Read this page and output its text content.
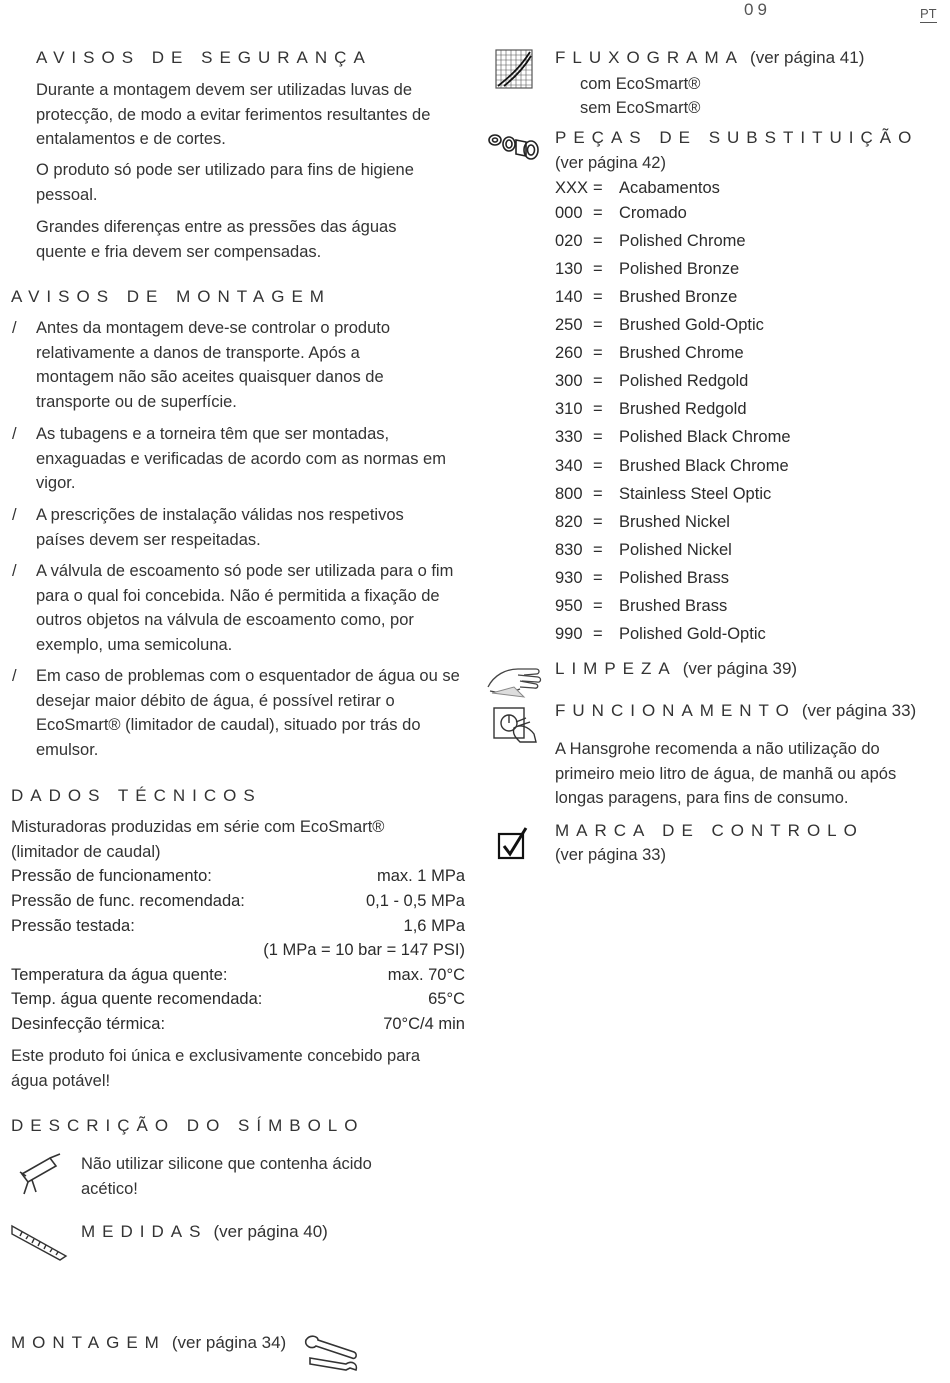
09	PT
AVISOS DE SEGURANÇA
Durante a montagem devem ser utilizadas luvas de protecção, de modo a evitar ferimentos resultantes de entalamentos e de cortes.
O produto só pode ser utilizado para fins de higiene pessoal.
Grandes diferenças entre as pressões das águas quente e fria devem ser compensadas.
AVISOS DE MONTAGEM
/ Antes da montagem deve-se controlar o produto relativamente a danos de transporte. Após a montagem não são aceites quaisquer danos de transporte ou de superfície.
/ As tubagens e a torneira têm que ser montadas, enxaguadas e verificadas de acordo com as normas em vigor.
/ A prescrições de instalação válidas nos respetivos países devem ser respeitadas.
/ A válvula de escoamento só pode ser utilizada para o fim para o qual foi concebida. Não é permitida a fixação de outros objetos na válvula de escoamento como, por exemplo, uma semicoluna.
/ Em caso de problemas com o esquentador de água ou se desejar maior débito de água, é possível retirar o EcoSmart® (limitador de caudal), situado por trás do emulsor.
DADOS TÉCNICOS
Misturadoras produzidas em série com EcoSmart® (limitador de caudal)
Pressão de funcionamento:	max. 1 MPa
Pressão de func. recomendada:	0,1 - 0,5 MPa
Pressão testada:	1,6 MPa
(1 MPa = 10 bar = 147 PSI)
Temperatura da água quente:	max. 70°C
Temp. água quente recomendada:	65°C
Desinfecção térmica:	70°C/4 min
Este produto foi única e exclusivamente concebido para água potável!
DESCRIÇÃO DO SÍMBOLO
Não utilizar silicone que contenha ácido acético!
MEDIDAS (ver página 40)
MONTAGEM (ver página 34)
FLUXOGRAMA (ver página 41)
com EcoSmart®
sem EcoSmart®
PEÇAS DE SUBSTITUIÇÃO
(ver página 42)
XXX = Acabamentos
000 = Cromado
020 = Polished Chrome
130 = Polished Bronze
140 = Brushed Bronze
250 = Brushed Gold-Optic
260 = Brushed Chrome
300 = Polished Redgold
310 = Brushed Redgold
330 = Polished Black Chrome
340 = Brushed Black Chrome
800 = Stainless Steel Optic
820 = Brushed Nickel
830 = Polished Nickel
930 = Polished Brass
950 = Brushed Brass
990 = Polished Gold-Optic
LIMPEZA (ver página 39)
FUNCIONAMENTO (ver página 33)
A Hansgrohe recomenda a não utilização do primeiro meio litro de água, de manhã ou após longas paragens, para fins de consumo.
MARCA DE CONTROLO
(ver página 33)
